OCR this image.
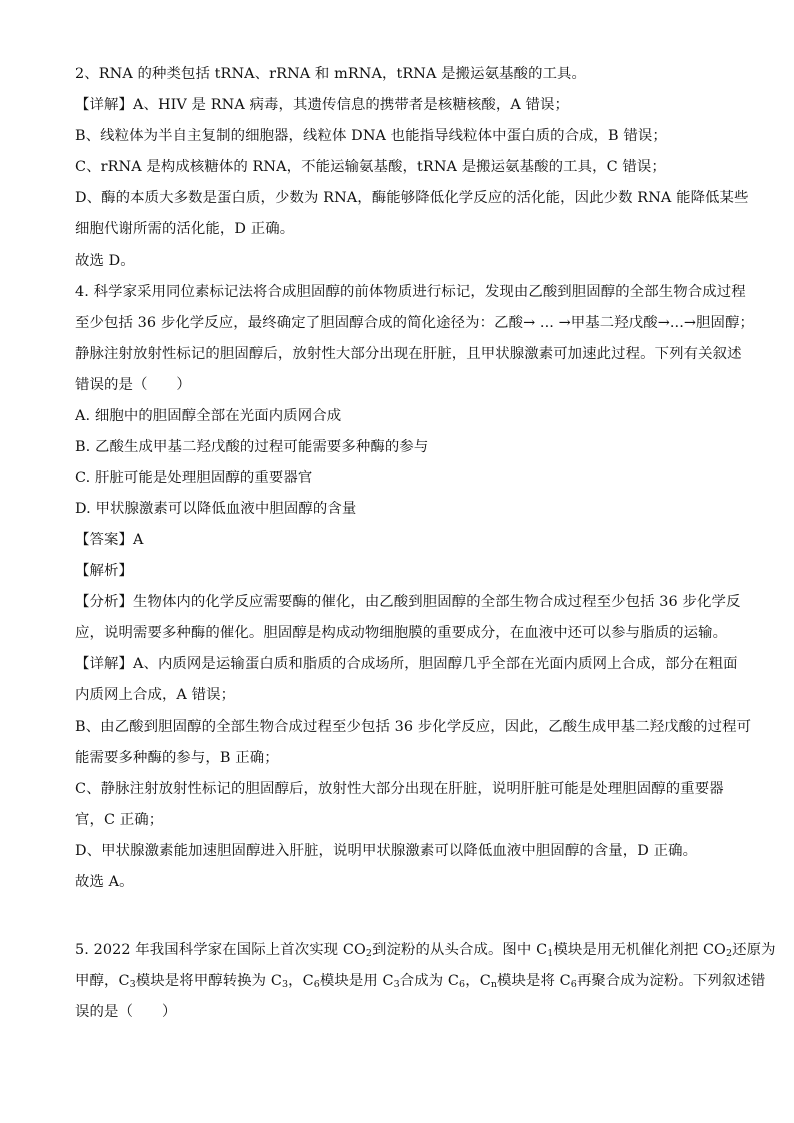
2、RNA 的种类包括 tRNA、rRNA 和 mRNA，tRNA 是搬运氨基酸的工具。
【详解】A、HIV 是 RNA 病毒，其遗传信息的携带者是核糖核酸，A 错误；
B、线粒体为半自主复制的细胞器，线粒体 DNA 也能指导线粒体中蛋白质的合成，B 错误；
C、rRNA 是构成核糖体的 RNA，不能运输氨基酸，tRNA 是搬运氨基酸的工具，C 错误；
D、酶的本质大多数是蛋白质，少数为 RNA，酶能够降低化学反应的活化能，因此少数 RNA 能降低某些
细胞代谢所需的活化能，D 正确。
故选 D。
4. 科学家采用同位素标记法将合成胆固醇的前体物质进行标记，发现由乙酸到胆固醇的全部生物合成过程
至少包括 36 步化学反应，最终确定了胆固醇合成的简化途径为：乙酸→ ... →甲基二羟戊酸→...→胆固醇；
静脉注射放射性标记的胆固醇后，放射性大部分出现在肝脏，且甲状腺激素可加速此过程。下列有关叙述
错误的是（　　）
A. 细胞中的胆固醇全部在光面内质网合成
B. 乙酸生成甲基二羟戊酸的过程可能需要多种酶的参与
C. 肝脏可能是处理胆固醇的重要器官
D. 甲状腺激素可以降低血液中胆固醇的含量
【答案】A
【解析】
【分析】生物体内的化学反应需要酶的催化，由乙酸到胆固醇的全部生物合成过程至少包括 36 步化学反
应，说明需要多种酶的催化。胆固醇是构成动物细胞膜的重要成分，在血液中还可以参与脂质的运输。
【详解】A、内质网是运输蛋白质和脂质的合成场所，胆固醇几乎全部在光面内质网上合成，部分在粗面
内质网上合成，A 错误；
B、由乙酸到胆固醇的全部生物合成过程至少包括 36 步化学反应，因此，乙酸生成甲基二羟戊酸的过程可
能需要多种酶的参与，B 正确；
C、静脉注射放射性标记的胆固醇后，放射性大部分出现在肝脏，说明肝脏可能是处理胆固醇的重要器
官，C 正确；
D、甲状腺激素能加速胆固醇进入肝脏，说明甲状腺激素可以降低血液中胆固醇的含量，D 正确。
故选 A。
5. 2022 年我国科学家在国际上首次实现 $CO_2$到淀粉的从头合成。图中 $C_1$模块是用无机催化剂把 $CO_2$还原为
甲醇，$C_3$模块是将甲醇转换为 $C_3$，$C_6$模块是用 $C_3$合成为 $C_6$，$C_n$模块是将 $C_6$再聚合成为淀粉。下列叙述错
误的是（　　）
